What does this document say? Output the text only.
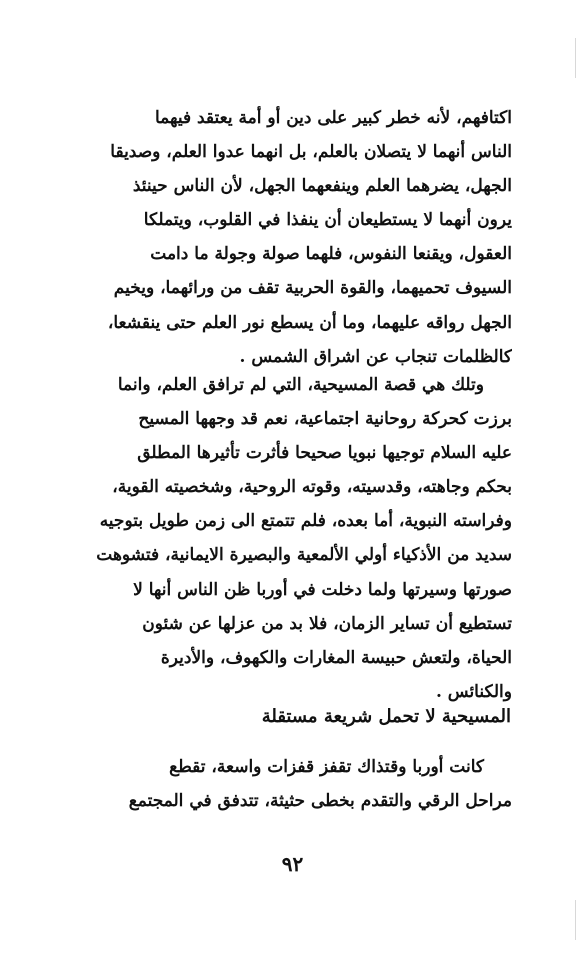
اكتافهم، لأنه خطر كبير على دين أو أمة يعتقد فيهما
الناس أنهما لا يتصلان بالعلم، بل انهما عدوا العلم، وصديقا
الجهل، يضرهما العلم وينفعهما الجهل، لأن الناس حينئذ
يرون أنهما لا يستطيعان أن ينفذا في القلوب، ويتملكا
العقول، ويقنعا النفوس، فلهما صولة وجولة ما دامت
السيوف تحميهما، والقوة الحربية تقف من ورائهما، ويخيم
الجهل رواقه عليهما، وما أن يسطع نور العلم حتى ينقشعا،
كالظلمات تنجاب عن اشراق الشمس .
وتلك هي قصة المسيحية، التي لم ترافق العلم، وانما
برزت كحركة روحانية اجتماعية، نعم قد وجهها المسيح
عليه السلام توجيها نبويا صحيحا فأثرت تأثيرها المطلق
بحكم وجاهته، وقدسيته، وقوته الروحية، وشخصيته القوية،
وفراسته النبوية، أما بعده، فلم تتمتع الى زمن طويل بتوجيه
سديد من الأذكياء أولي الألمعية والبصيرة الايمانية، فتشوهت
صورتها وسيرتها ولما دخلت في أوربا ظن الناس أنها لا
تستطيع أن تساير الزمان، فلا بد من عزلها عن شئون
الحياة، ولتعش حبيسة المغارات والكهوف، والأديرة
والكنائس .
المسيحية لا تحمل شريعة مستقلة
كانت أوربا وقتذاك تقفز قفزات واسعة، تقطع
مراحل الرقي والتقدم بخطى حثيثة، تتدفق في المجتمع
٩٢
